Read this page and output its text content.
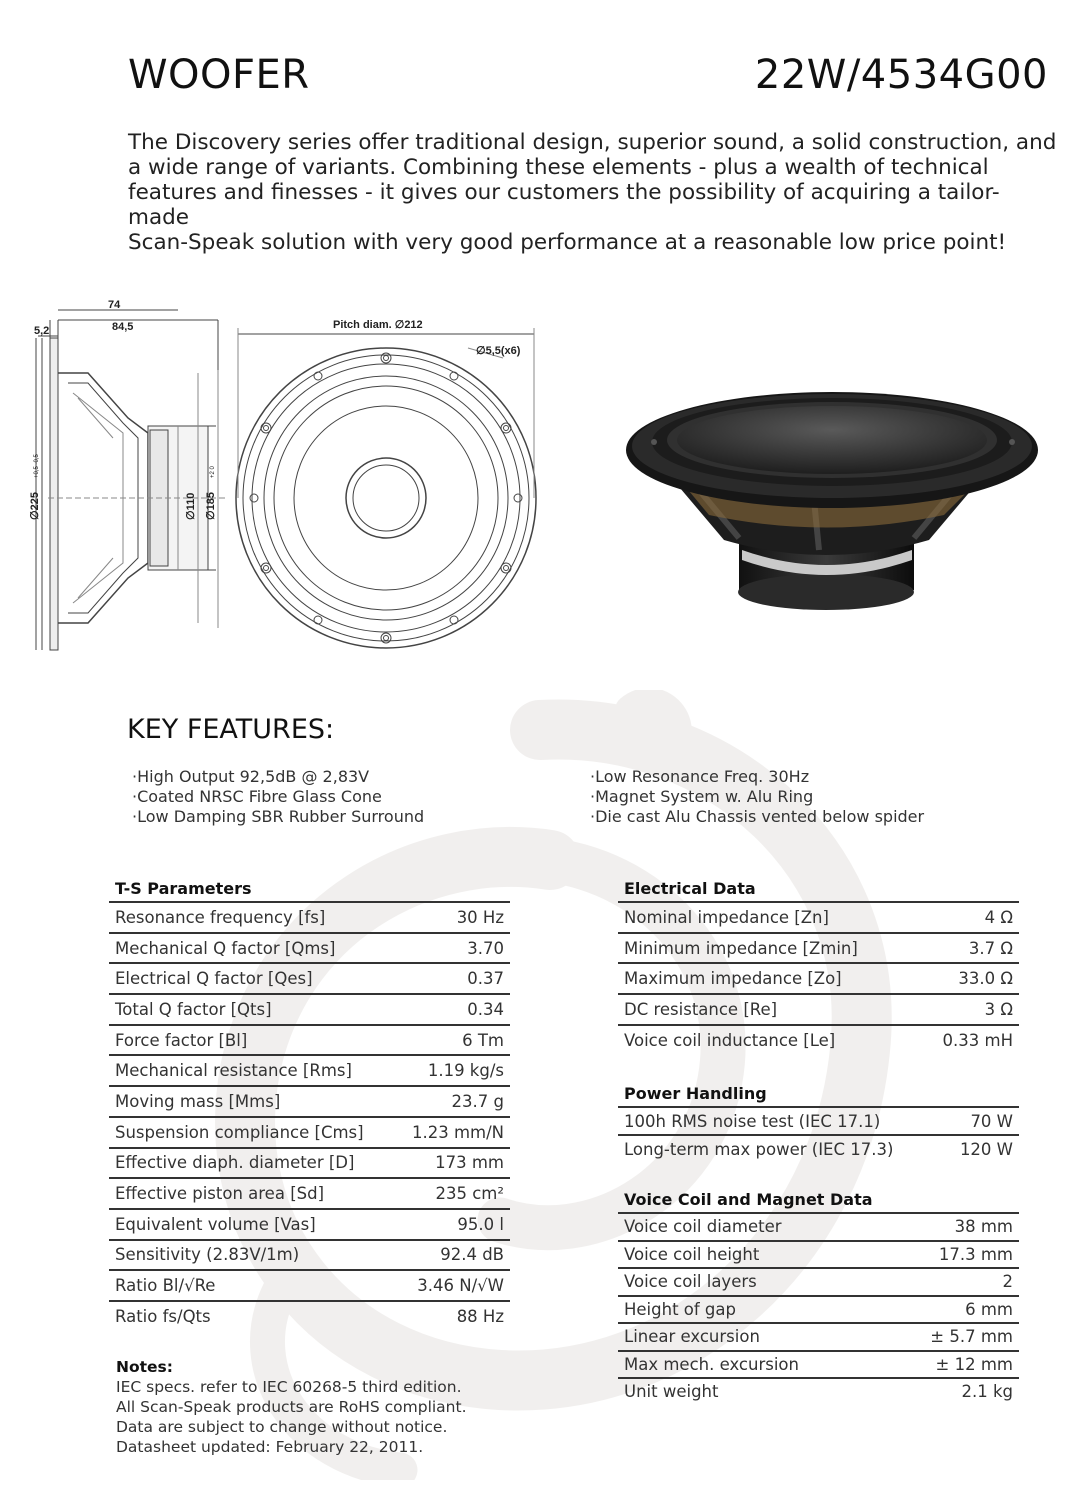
WOOFER	22W/4534G00

The Discovery series offer traditional design, superior sound, a solid construction, and

a wide range of variants. Combining these elements - plus a wealth of technical

features and finesses - it gives our customers the possibility of acquiring a tailor-made

Scan-Speak solution with very good performance at a reasonable low price point!

74
84,5
5,2	Pitch diam. ∅212
∅5,5(x6)
∅225	∅110 ∅185
+0,5 -0,5	+2 0
KEY FEATURES:
· High Output 92,5dB @ 2,83V
· Coated NRSC Fibre Glass Cone
· Low Damping SBR Rubber Surround
· Low Resonance Freq. 30Hz
· Magnet System w. Alu Ring
· Die cast Alu Chassis vented below spider
T-S Parameters
Resonance frequency [fs]	30 Hz
Mechanical Q factor [Qms]	3.70
Electrical Q factor [Qes]	0.37
Total Q factor [Qts]	0.34
Force factor [Bl]	6 Tm
Mechanical resistance [Rms]	1.19 kg/s
Moving mass [Mms]	23.7 g
Suspension compliance [Cms]	1.23 mm/N
Effective diaph. diameter [D]	173 mm
Effective piston area [Sd]	235 cm²
Equivalent volume [Vas]	95.0 l
Sensitivity (2.83V/1m)	92.4 dB
Ratio Bl/√Re	3.46 N/√W
Ratio fs/Qts	88 Hz
Electrical Data
Nominal impedance [Zn]	4 Ω
Minimum impedance [Zmin]	3.7 Ω
Maximum impedance [Zo]	33.0 Ω
DC resistance [Re]	3 Ω
Voice coil inductance [Le]	0.33 mH
Power Handling
100h RMS noise test (IEC 17.1)	70 W
Long-term max power (IEC 17.3)	120 W
Voice Coil and Magnet Data
Voice coil diameter	38 mm
Voice coil height	17.3 mm
Voice coil layers	2
Height of gap	6 mm
Linear excursion	± 5.7 mm
Max mech. excursion	± 12 mm
Unit weight	2.1 kg
Notes:
IEC specs. refer to IEC 60268-5 third edition.
All Scan-Speak products are RoHS compliant.
Data are subject to change without notice.
Datasheet updated: February 22, 2011.
